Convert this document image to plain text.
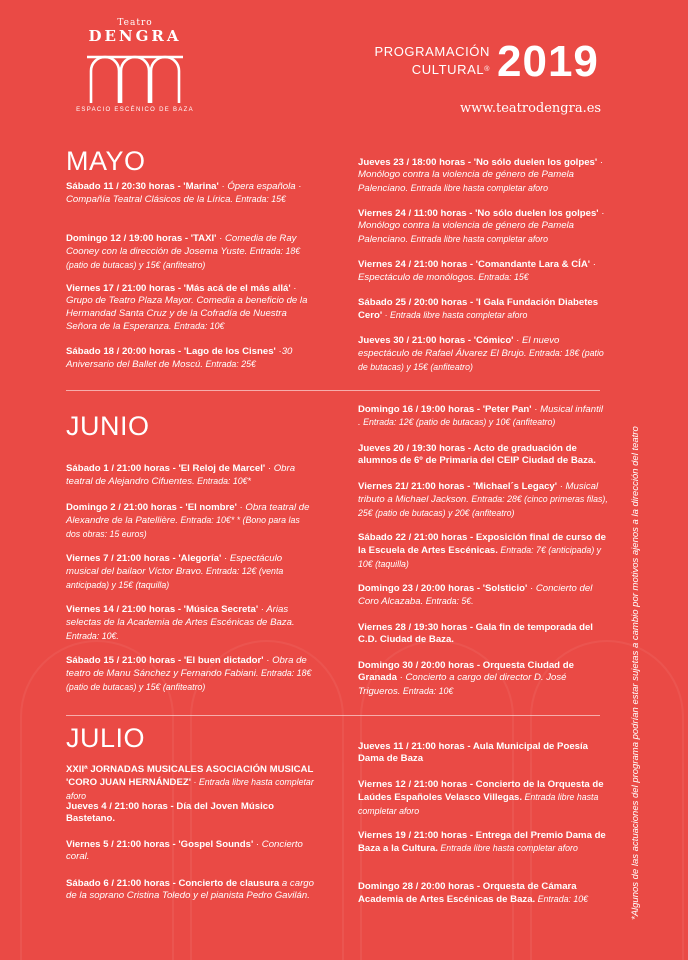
Teatro
DENGRA
ESPACIO ESCÉNICO DE BAZA
PROGRAMACIÓN
CULTURAL® 2019
www.teatrodengra.es
MAYO
Sábado 11 / 20:30 horas - 'Marina' · Ópera española · Compañía Teatral Clásicos de la Lírica. Entrada: 15€
Domingo 12 / 19:00 horas - 'TAXI' · Comedia de Ray Cooney con la dirección de Josema Yuste. Entrada: 18€ (patio de butacas) y 15€ (anfiteatro)
Viernes 17 / 21:00 horas - 'Más acá de el más allá' · Grupo de Teatro Plaza Mayor. Comedia a beneficio de la Hermandad Santa Cruz y de la Cofradía de Nuestra Señora de la Esperanza. Entrada: 10€
Sábado 18 / 20:00 horas - 'Lago de los Cisnes' ·30 Aniversario del Ballet de Moscú. Entrada: 25€
Jueves 23 / 18:00 horas - 'No sólo duelen los golpes' · Monólogo contra la violencia de género de Pamela Palenciano. Entrada libre hasta completar aforo
Viernes 24 / 11:00 horas - 'No sólo duelen los golpes' · Monólogo contra la violencia de género de Pamela Palenciano. Entrada libre hasta completar aforo
Viernes 24 / 21:00 horas - 'Comandante Lara & CÍA' · Espectáculo de monólogos. Entrada: 15€
Sábado 25 / 20:00 horas - 'I Gala Fundación Diabetes Cero' · Entrada libre hasta completar aforo
Jueves 30 / 21:00 horas - 'Cómico' · El nuevo espectáculo de Rafael Álvarez El Brujo. Entrada: 18€ (patio de butacas) y 15€ (anfiteatro)
JUNIO
Sábado 1 / 21:00 horas - 'El Reloj de Marcel' · Obra teatral de Alejandro Cifuentes. Entrada: 10€*
Domingo 2 / 21:00 horas - 'El nombre' · Obra teatral de Alexandre de la Patellière. Entrada: 10€* * (Bono para las dos obras: 15 euros)
Viernes 7 / 21:00 horas - 'Alegoría' · Espectáculo musical del bailaor Víctor Bravo. Entrada: 12€ (venta anticipada) y 15€ (taquilla)
Viernes 14 / 21:00 horas - 'Música Secreta' · Arias selectas de la Academia de Artes Escénicas de Baza. Entrada: 10€.
Sábado 15 / 21:00 horas - 'El buen dictador' · Obra de teatro de Manu Sánchez y Fernando Fabiani. Entrada: 18€ (patio de butacas) y 15€ (anfiteatro)
Domingo 16 / 19:00 horas - 'Peter Pan' · Musical infantil . Entrada: 12€ (patio de butacas) y 10€ (anfiteatro)
Jueves 20 / 19:30 horas - Acto de graduación de alumnos de 6º de Primaria del CEIP Ciudad de Baza.
Viernes 21/ 21:00 horas - 'Michael´s Legacy' · Musical tributo a Michael Jackson. Entrada: 28€ (cinco primeras filas), 25€ (patio de butacas) y 20€ (anfiteatro)
Sábado 22 / 21:00 horas - Exposición final de curso de la Escuela de Artes Escénicas. Entrada: 7€ (anticipada) y 10€ (taquilla)
Domingo 23 / 20:00 horas - 'Solsticio' · Concierto del Coro Alcazaba. Entrada: 5€.
Viernes 28 / 19:30 horas - Gala fin de temporada del C.D. Ciudad de Baza.
Domingo 30 / 20:00 horas - Orquesta Ciudad de Granada · Concierto a cargo del director D. José Trigueros. Entrada: 10€
JULIO
XXIIª JORNADAS MUSICALES ASOCIACIÓN MUSICAL 'CORO JUAN HERNÁNDEZ' · Entrada libre hasta completar aforo
Jueves 4 / 21:00 horas - Día del Joven Músico Bastetano.
Viernes 5 / 21:00 horas - 'Gospel Sounds' · Concierto coral.
Sábado 6 / 21:00 horas - Concierto de clausura a cargo de la soprano Cristina Toledo y el pianista Pedro Gavilán.
Jueves 11 / 21:00 horas - Aula Municipal de Poesía Dama de Baza
Viernes 12 / 21:00 horas - Concierto de la Orquesta de Laúdes Españoles Velasco Villegas. Entrada libre hasta completar aforo
Viernes 19 / 21:00 horas - Entrega del Premio Dama de Baza a la Cultura. Entrada libre hasta completar aforo
Domingo 28 / 20:00 horas - Orquesta de Cámara Academia de Artes Escénicas de Baza. Entrada: 10€	*Algunos de las actuaciones del programa podrían estar sujetas a cambio por motivos ajenos a la dirección del teatro
